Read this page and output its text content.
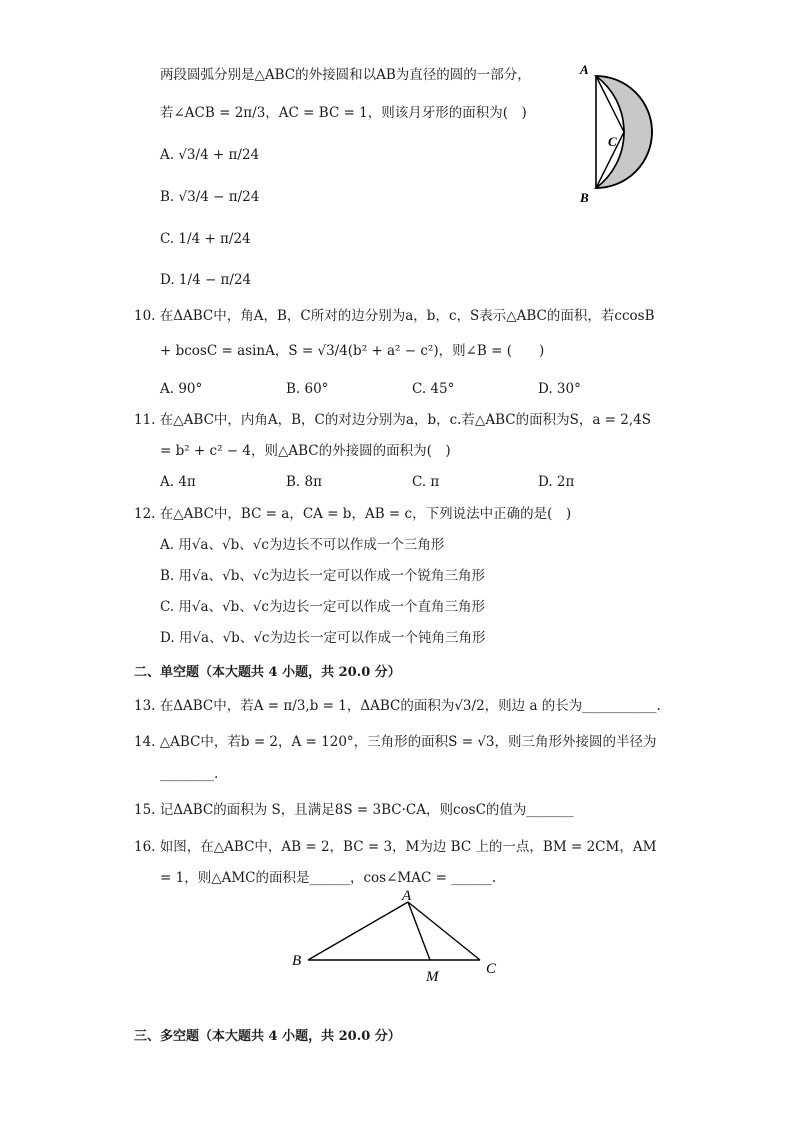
两段圆弧分别是△ABC的外接圆和以AB为直径的圆的一部分，
若∠ACB = 2π/3，AC = BC = 1，则该月牙形的面积为(　)
A. √3/4 + π/24
B. √3/4 − π/24
C. 1/4 + π/24
D. 1/4 − π/24
A
C
B
10. 在ΔABC中，角A，B，C所对的边分别为a，b，c，S表示△ABC的面积，若ccosB
+ bcosC = asinA，S = √3/4(b² + a² − c²)，则∠B = (　　)
A. 90°	B. 60°	C. 45°	D. 30°
11. 在△ABC中，内角A，B，C的对边分别为a，b，c.若△ABC的面积为S，a = 2,4S
= b² + c² − 4，则△ABC的外接圆的面积为(　)
A. 4π	B. 8π	C. π	D. 2π
12. 在△ABC中，BC = a，CA = b，AB = c，下列说法中正确的是(　)
A. 用√a、√b、√c为边长不可以作成一个三角形
B. 用√a、√b、√c为边长一定可以作成一个锐角三角形
C. 用√a、√b、√c为边长一定可以作成一个直角三角形
D. 用√a、√b、√c为边长一定可以作成一个钝角三角形
二、单空题（本大题共 4 小题，共 20.0 分）
13. 在ΔABC中，若A = π/3,b = 1，ΔABC的面积为√3/2，则边 a 的长为___________.
14. △ABC中，若b = 2，A = 120°，三角形的面积S = √3，则三角形外接圆的半径为
________.
15. 记ΔABC的面积为 S，且满足8S = 3BC·CA，则cosC的值为_______
16. 如图，在△ABC中，AB = 2，BC = 3，M为边 BC 上的一点，BM = 2CM，AM
= 1，则△AMC的面积是______，cos∠MAC = ______.
A
B
M	C
三、多空题（本大题共 4 小题，共 20.0 分）
